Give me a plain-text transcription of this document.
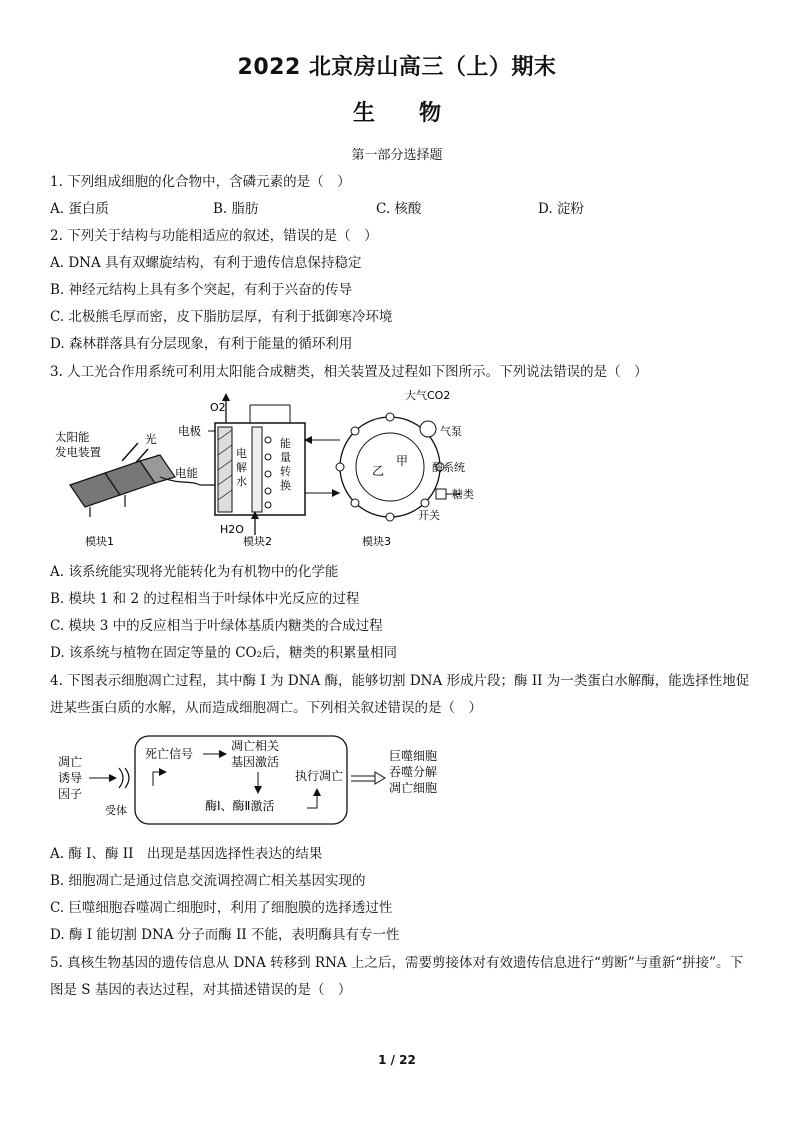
2022 北京房山高三（上）期末
生　　物
第一部分选择题
1. 下列组成细胞的化合物中，含磷元素的是（　）
A. 蛋白质	B. 脂肪	C. 核酸	D. 淀粉
2. 下列关于结构与功能相适应的叙述，错误的是（　）
A. DNA 具有双螺旋结构，有利于遗传信息保持稳定
B. 神经元结构上具有多个突起，有利于兴奋的传导
C. 北极熊毛厚而密，皮下脂肪层厚，有利于抵御寒冷环境
D. 森林群落具有分层现象，有利于能量的循环利用
3. 人工光合作用系统可利用太阳能合成糖类，相关装置及过程如下图所示。下列说法错误的是（　）
太阳能
发电装置
光
电能
电极
电
解
水
能
量
转
换
O2
H2O
乙
甲
大气CO2
气泵
酶系统
糖类
开关
模块1	模块2	模块3
A. 该系统能实现将光能转化为有机物中的化学能
B. 模块 1 和 2 的过程相当于叶绿体中光反应的过程
C. 模块 3 中的反应相当于叶绿体基质内糖类的合成过程
D. 该系统与植物在固定等量的 CO₂后，糖类的积累量相同
4. 下图表示细胞凋亡过程，其中酶 I 为 DNA 酶，能够切割 DNA 形成片段；酶 II 为一类蛋白水解酶，能选择性地促
进某些蛋白质的水解，从而造成细胞凋亡。下列相关叙述错误的是（　）
凋亡
诱导
因子
受体
死亡信号
凋亡相关
基因激活
酶Ⅰ、酶Ⅱ激活
执行凋亡
巨噬细胞
吞噬分解
凋亡细胞
A. 酶 I、酶 II　出现是基因选择性表达的结果
B. 细胞凋亡是通过信息交流调控凋亡相关基因实现的
C. 巨噬细胞吞噬凋亡细胞时，利用了细胞膜的选择透过性
D. 酶 I 能切割 DNA 分子而酶 II 不能，表明酶具有专一性
5. 真核生物基因的遗传信息从 DNA 转移到 RNA 上之后，需要剪接体对有效遗传信息进行“剪断”与重新“拼接”。下
图是 S 基因的表达过程，对其描述错误的是（　）
1 / 22
